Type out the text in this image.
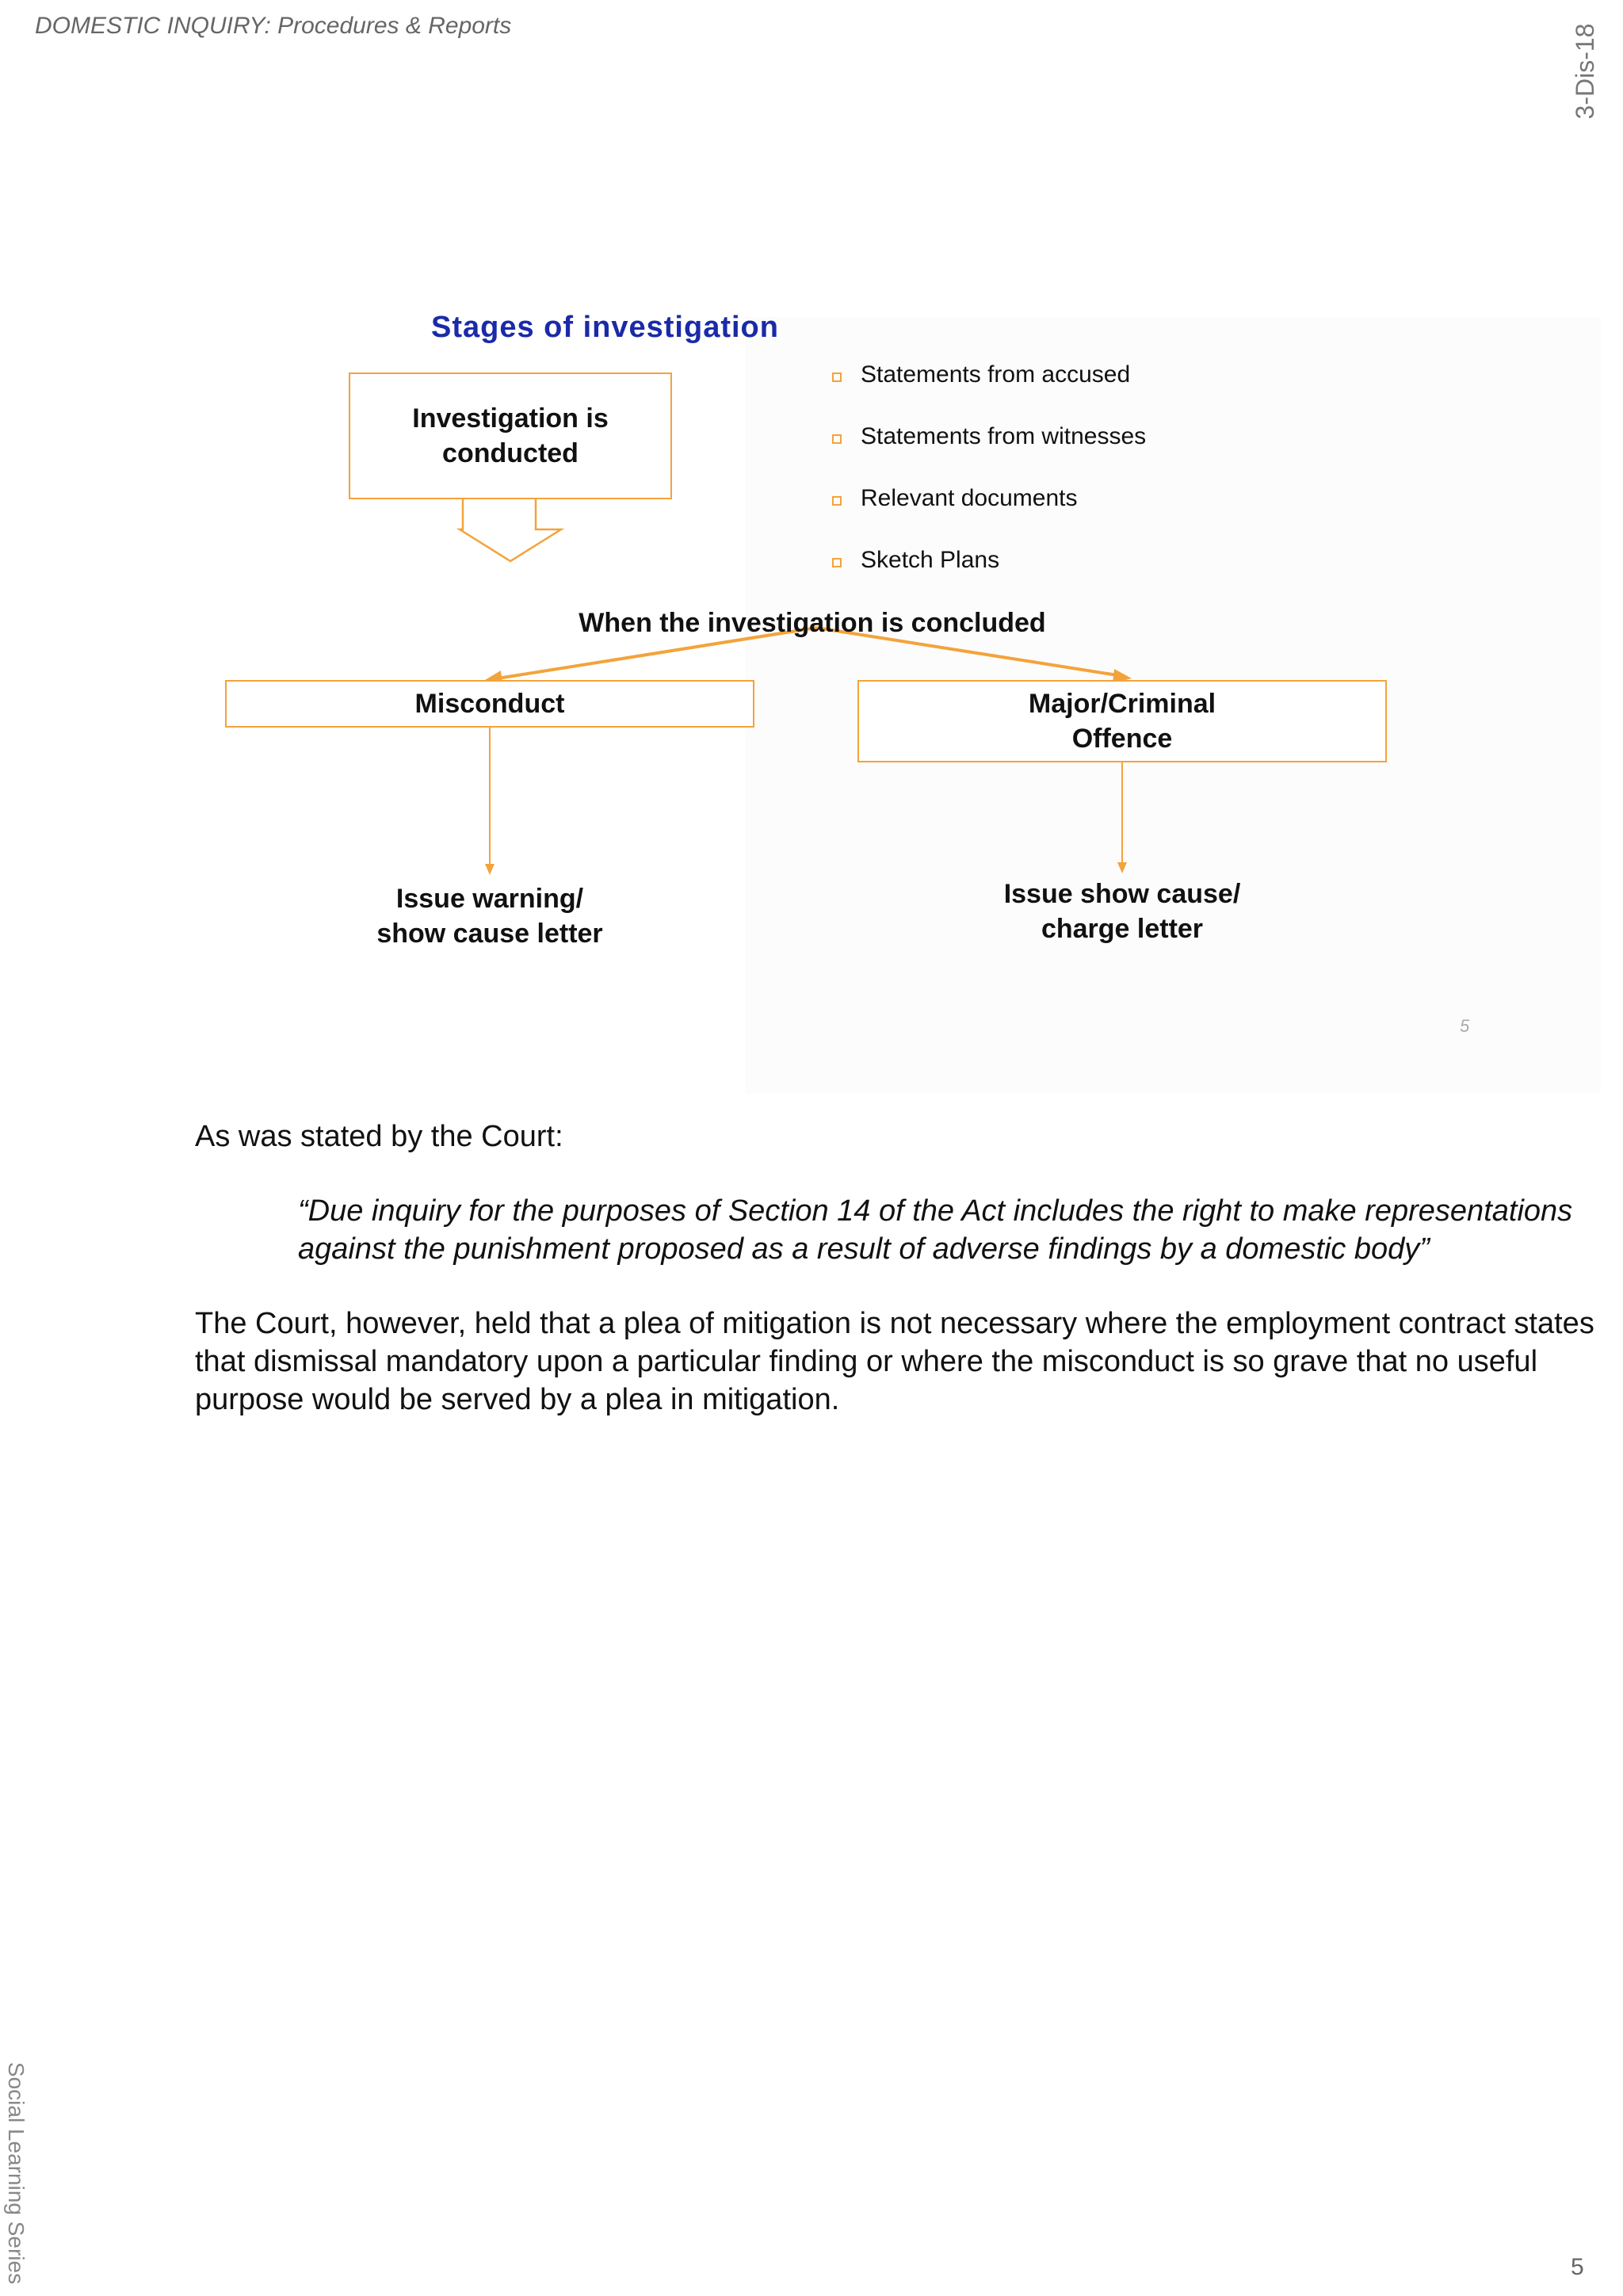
DOMESTIC INQUIRY: Procedures & Reports	3-Dis-18
Social Learning Series	5
Stages of investigation
Investigation is conducted
Statements from accused
Statements from witnesses
Relevant documents
Sketch Plans
When the investigation is concluded
Misconduct	Major/Criminal
Offence
Issue warning/
show cause letter
Issue show cause/
charge letter
5
As was stated by the Court:
“Due inquiry for the purposes of Section 14 of the Act includes the right to make representations
against the punishment proposed as a result of adverse findings by a domestic body”
The Court, however, held that a plea of mitigation is not necessary where the employment contract states
that dismissal mandatory upon a particular finding or where the misconduct is so grave that no useful
purpose would be served by a plea in mitigation.
